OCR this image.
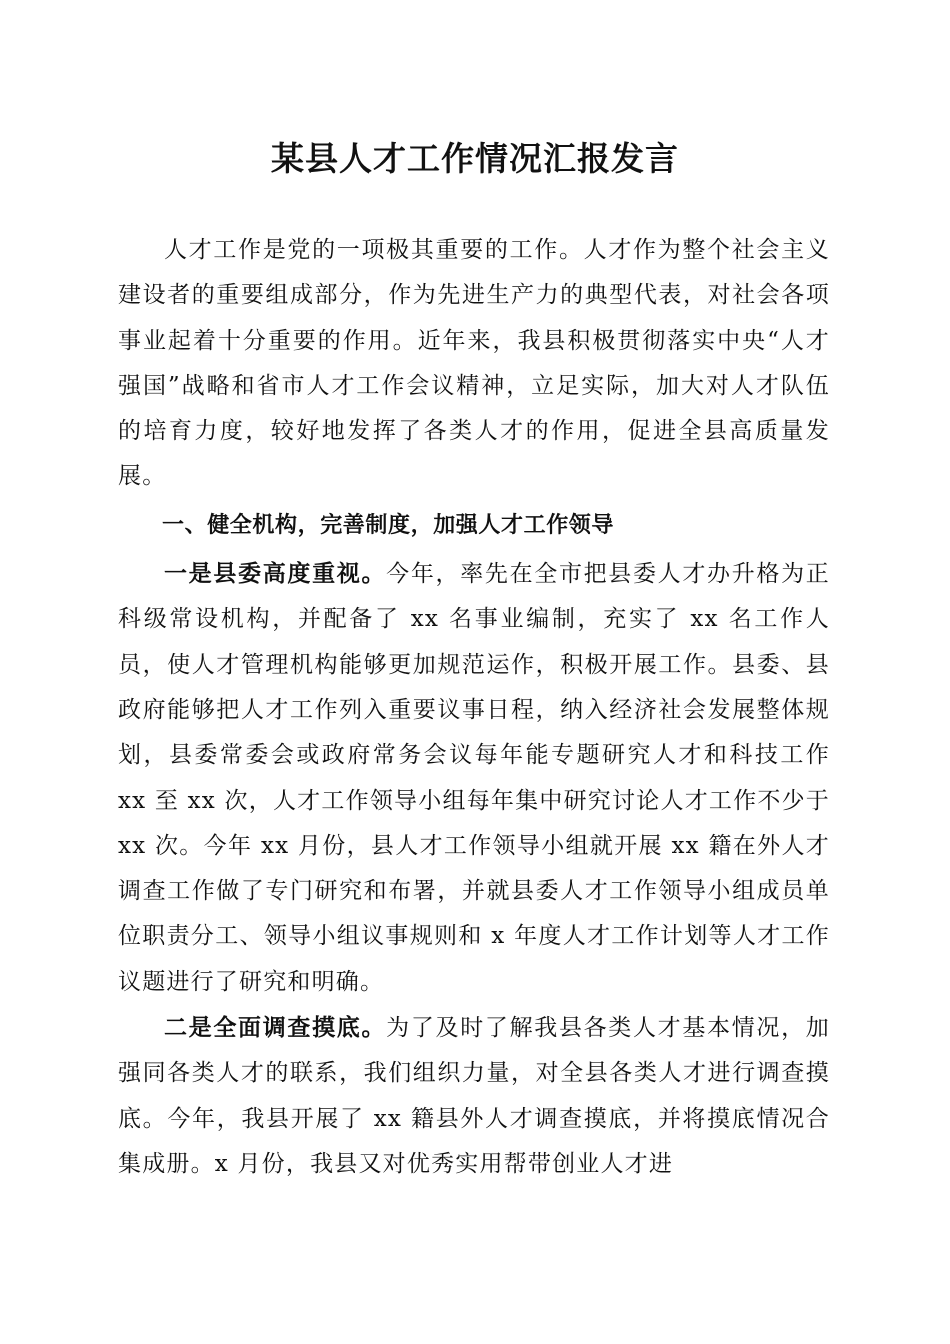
某县人才工作情况汇报发言

人才工作是党的一项极其重要的工作。人才作为整个社会主义建设者的重要组成部分，作为先进生产力的典型代表，对社会各项事业起着十分重要的作用。近年来，我县积极贯彻落实中央“人才强国”战略和省市人才工作会议精神，立足实际，加大对人才队伍的培育力度，较好地发挥了各类人才的作用，促进全县高质量发展。

一、健全机构，完善制度，加强人才工作领导

一是县委高度重视。今年，率先在全市把县委人才办升格为正科级常设机构，并配备了 xx 名事业编制，充实了 xx 名工作人员，使人才管理机构能够更加规范运作，积极开展工作。县委、县政府能够把人才工作列入重要议事日程，纳入经济社会发展整体规划，县委常委会或政府常务会议每年能专题研究人才和科技工作 xx 至 xx 次，人才工作领导小组每年集中研究讨论人才工作不少于 xx 次。今年 xx 月份，县人才工作领导小组就开展 xx 籍在外人才调查工作做了专门研究和布署，并就县委人才工作领导小组成员单位职责分工、领导小组议事规则和 x 年度人才工作计划等人才工作议题进行了研究和明确。

二是全面调查摸底。为了及时了解我县各类人才基本情况，加强同各类人才的联系，我们组织力量，对全县各类人才进行调查摸底。今年，我县开展了 xx 籍县外人才调查摸底，并将摸底情况合集成册。x 月份，我县又对优秀实用帮带创业人才进
